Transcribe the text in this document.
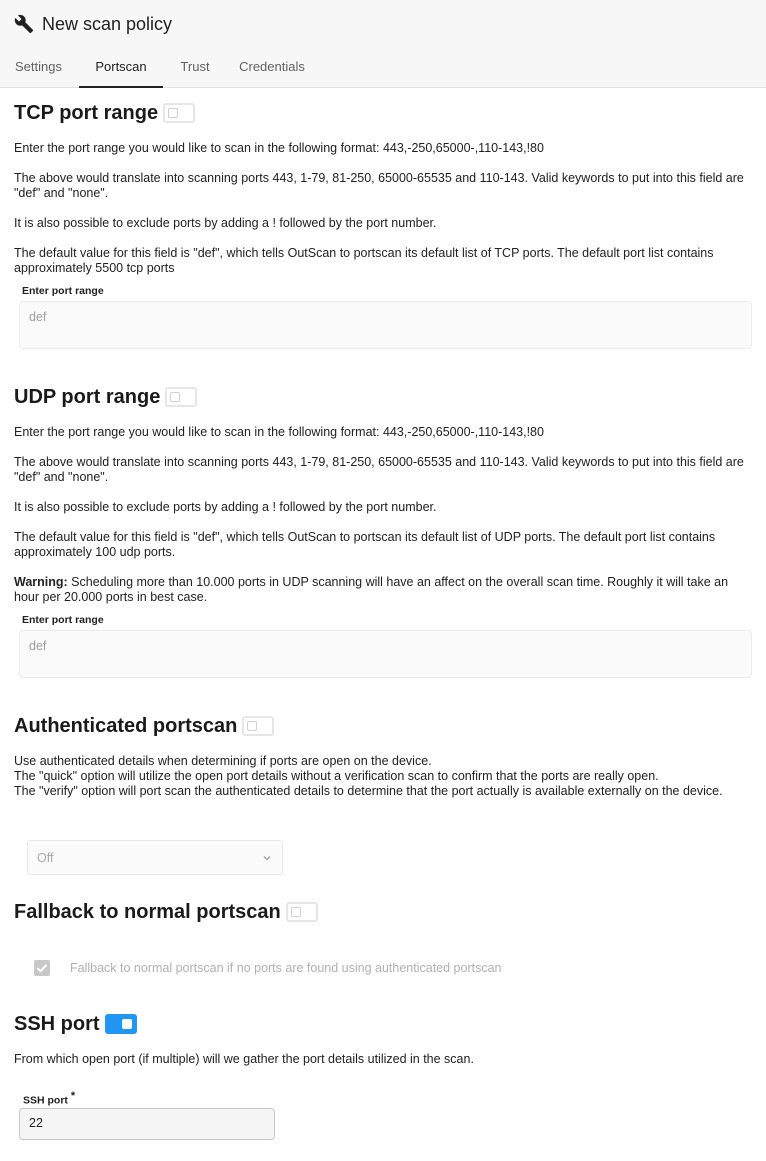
New scan policy
Settings	Portscan	Trust	Credentials
TCP port range
Enter the port range you would like to scan in the following format: 443,-250,65000-,110-143,!80
The above would translate into scanning ports 443, 1-79, 81-250, 65000-65535 and 110-143. Valid keywords to put into this field are "def" and "none".
It is also possible to exclude ports by adding a ! followed by the port number.
The default value for this field is "def", which tells OutScan to portscan its default list of TCP ports. The default port list contains approximately 5500 tcp ports
Enter port range
def
UDP port range
Enter the port range you would like to scan in the following format: 443,-250,65000-,110-143,!80
The above would translate into scanning ports 443, 1-79, 81-250, 65000-65535 and 110-143. Valid keywords to put into this field are "def" and "none".
It is also possible to exclude ports by adding a ! followed by the port number.
The default value for this field is "def", which tells OutScan to portscan its default list of UDP ports. The default port list contains approximately 100 udp ports.
Warning: Scheduling more than 10.000 ports in UDP scanning will have an affect on the overall scan time. Roughly it will take an hour per 20.000 ports in best case.
Enter port range
def
Authenticated portscan
Use authenticated details when determining if ports are open on the device.
The "quick" option will utilize the open port details without a verification scan to confirm that the ports are really open.
The "verify" option will port scan the authenticated details to determine that the port actually is available externally on the device.
Off
Fallback to normal portscan
Fallback to normal portscan if no ports are found using authenticated portscan
SSH port
From which open port (if multiple) will we gather the port details utilized in the scan.
SSH port *
22
